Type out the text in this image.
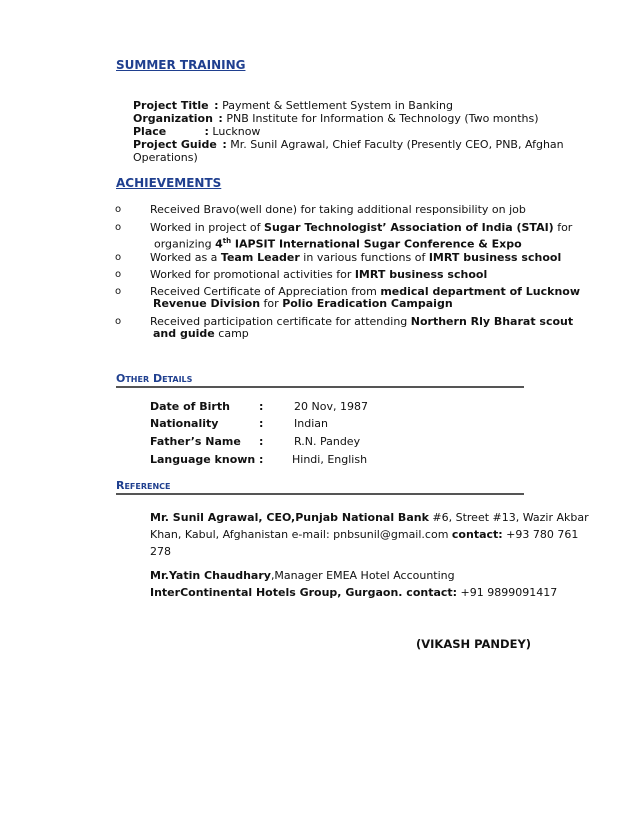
SUMMER TRAINING
Project Title : Payment & Settlement System in Banking
Organization : PNB Institute for Information & Technology (Two months)
Place	: Lucknow
Project Guide : Mr. Sunil Agrawal, Chief Faculty (Presently CEO, PNB, Afghan
Operations)
ACHIEVEMENTS
o	Received Bravo(well done) for taking additional responsibility on job
o	Worked in project of Sugar Technologist’ Association of India (STAI) for
organizing 4th IAPSIT International Sugar Conference & Expo
o	Worked as a Team Leader in various functions of IMRT business school
o	Worked for promotional activities for IMRT business school
o	Received Certificate of Appreciation from medical department of Lucknow
Revenue Division for Polio Eradication Campaign
o	Received participation certificate for attending Northern Rly Bharat scout
and guide camp
Other Details
Date of Birth	:	20 Nov, 1987
Nationality	:	Indian
Father’s Name :	R.N. Pandey
Language known :	Hindi, English
Reference
Mr. Sunil Agrawal, CEO,Punjab National Bank #6, Street #13, Wazir Akbar
Khan, Kabul, Afghanistan e-mail: pnbsunil@gmail.com contact: +93 780 761
278
Mr.Yatin Chaudhary,Manager EMEA Hotel Accounting
InterContinental Hotels Group, Gurgaon. contact: +91 9899091417
(VIKASH PANDEY)
